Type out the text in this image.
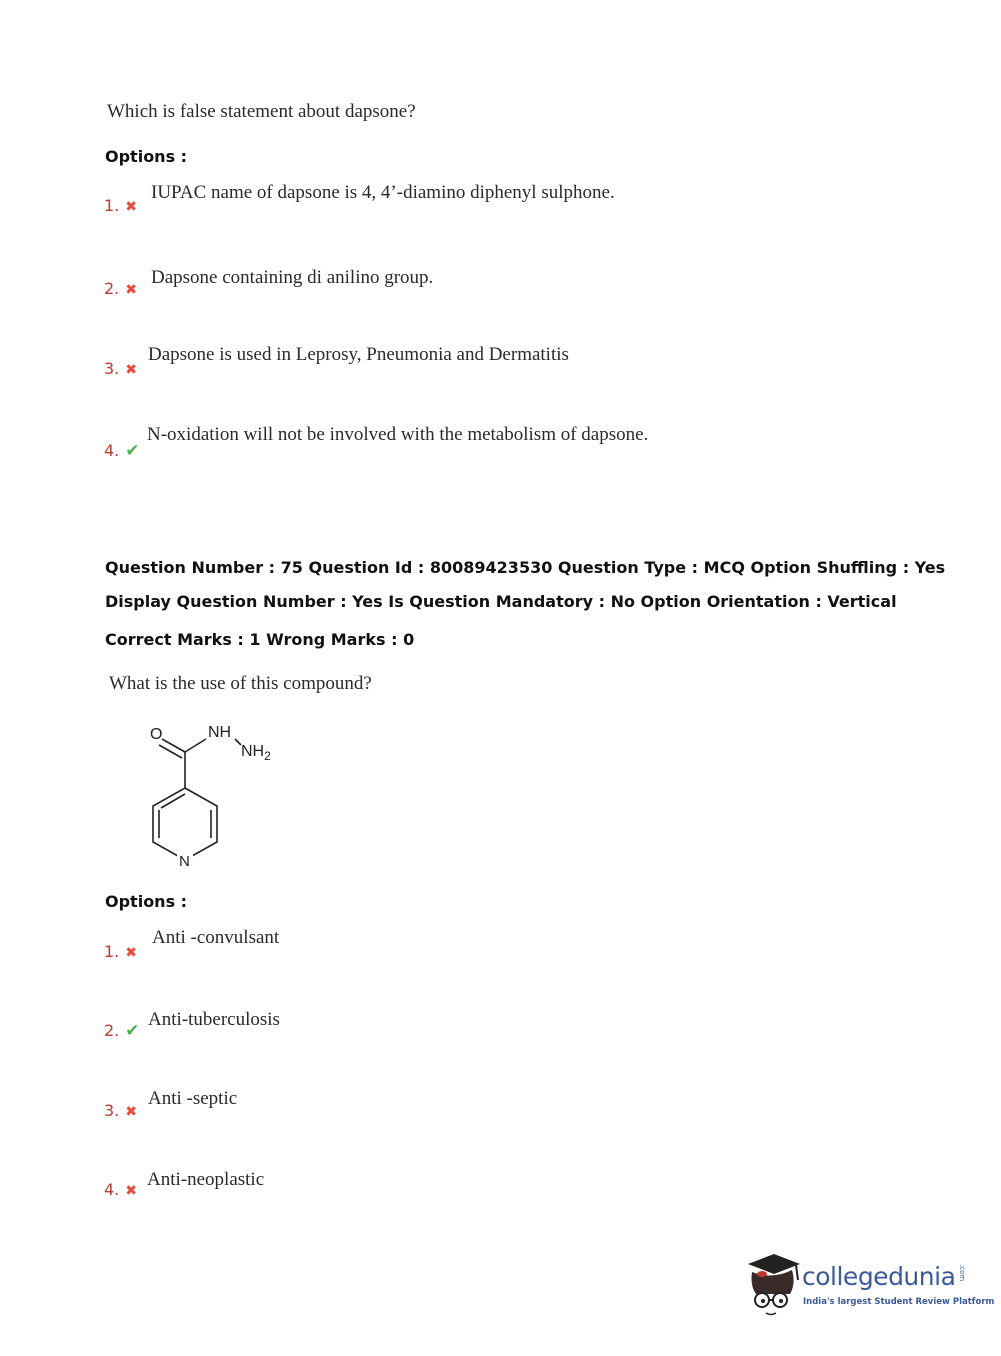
Which is false statement about dapsone?
Options :
1. ✖
IUPAC name of dapsone is 4, 4’-diamino diphenyl sulphone.
2. ✖
Dapsone containing di anilino group.
3. ✖
Dapsone is used in Leprosy, Pneumonia and Dermatitis
4. ✔
N-oxidation will not be involved with the metabolism of dapsone.
Question Number : 75 Question Id : 80089423530 Question Type : MCQ Option Shuffling : Yes
Display Question Number : Yes Is Question Mandatory : No Option Orientation : Vertical
Correct Marks : 1 Wrong Marks : 0
What is the use of this compound?
O	NH
$NH_2$
N
Options :
1. ✖
Anti -convulsant
2. ✔
Anti-tuberculosis
3. ✖
Anti -septic
4. ✖
Anti-neoplastic
collegedunia .com
India's largest Student Review Platform
